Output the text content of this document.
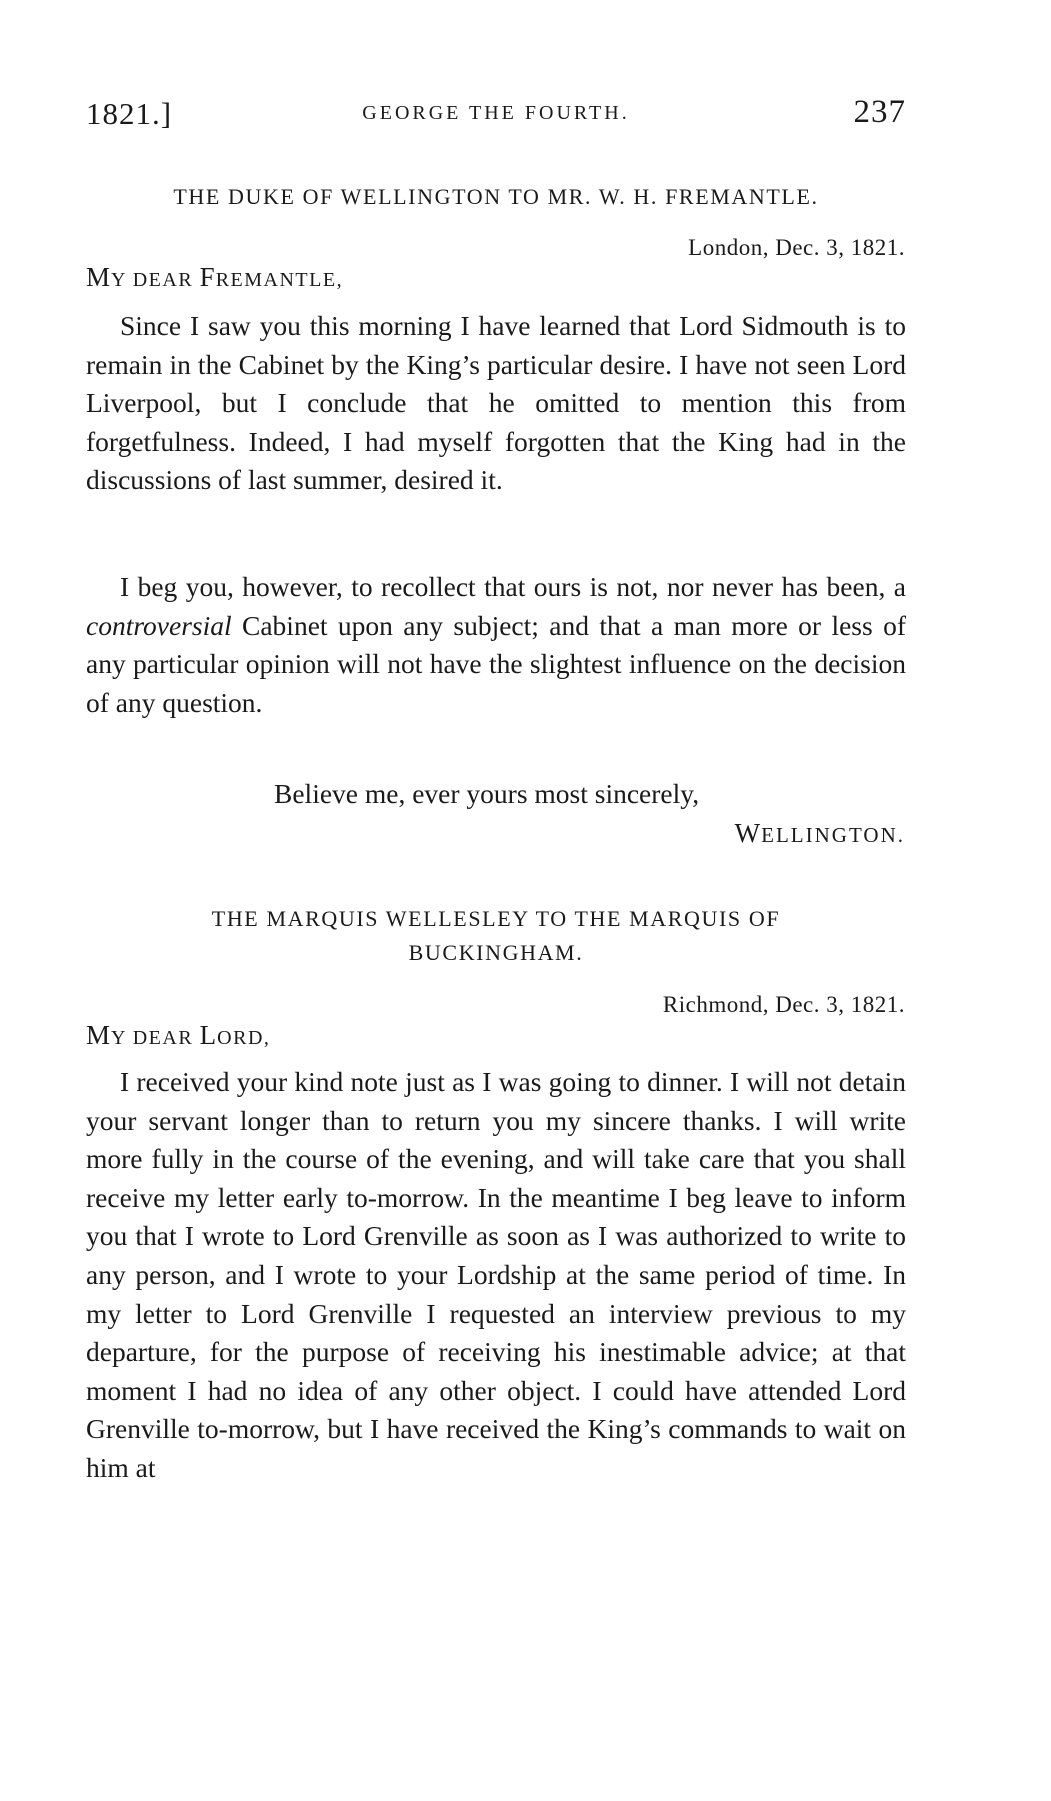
1821.]	GEORGE THE FOURTH.	237
THE DUKE OF WELLINGTON TO MR. W. H. FREMANTLE.
London, Dec. 3, 1821.
MY DEAR FREMANTLE,

Since I saw you this morning I have learned that Lord Sidmouth is to remain in the Cabinet by the King’s particular desire. I have not seen Lord Liverpool, but I conclude that he omitted to mention this from forgetfulness. Indeed, I had myself forgotten that the King had in the discussions of last summer, desired it.

I beg you, however, to recollect that ours is not, nor never has been, a controversial Cabinet upon any subject; and that a man more or less of any particular opinion will not have the slightest influence on the decision of any question.

Believe me, ever yours most sincerely,
WELLINGTON.
THE MARQUIS WELLESLEY TO THE MARQUIS OF
BUCKINGHAM.
Richmond, Dec. 3, 1821.
MY DEAR LORD,

I received your kind note just as I was going to dinner. I will not detain your servant longer than to return you my sincere thanks. I will write more fully in the course of the evening, and will take care that you shall receive my letter early to-morrow. In the meantime I beg leave to inform you that I wrote to Lord Grenville as soon as I was authorized to write to any person, and I wrote to your Lordship at the same period of time. In my letter to Lord Grenville I requested an interview previous to my departure, for the purpose of receiving his inestimable advice; at that moment I had no idea of any other object. I could have attended Lord Grenville to-morrow, but I have received the King’s commands to wait on him at
